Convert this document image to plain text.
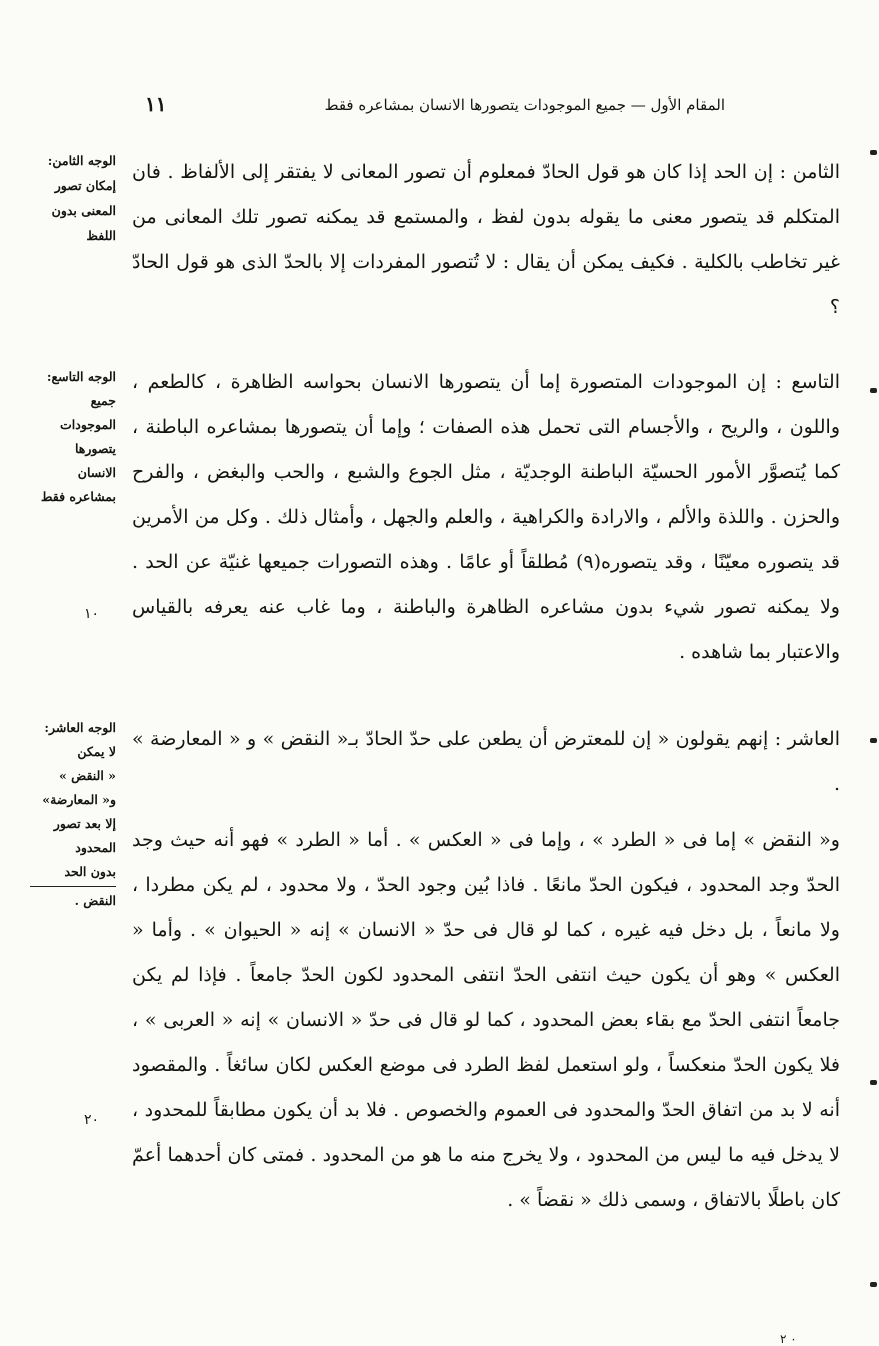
المقام الأول — جميع الموجودات يتصورها الانسان بمشاعره فقط
١١
الثامن : إن الحد إذا كان هو قول الحادّ فمعلوم أن تصور المعانى لا يفتقر إلى الألفاظ . فان المتكلم قد يتصور معنى ما يقوله بدون لفظ ، والمستمع قد يمكنه تصور تلك المعانى من غير تخاطب بالكلية . فكيف يمكن أن يقال : لا تُتصور المفردات إلا بالحدّ الذى هو قول الحادّ ؟
التاسع : إن الموجودات المتصورة إما أن يتصورها الانسان بحواسه الظاهرة ، كالطعم ، واللون ، والريح ، والأجسام التى تحمل هذه الصفات ؛ وإما أن يتصورها بمشاعره الباطنة ، كما يُتصوَّر الأمور الحسيّة الباطنة الوجديّة ، مثل الجوع والشبع ، والحب والبغض ، والفرح والحزن . واللذة والألم ، والارادة والكراهية ، والعلم والجهل ، وأمثال ذلك . وكل من الأمرين قد يتصوره معيّنًا ، وقد يتصوره(٩) مُطلقاً أو عامًا . وهذه التصورات جميعها غنيّة عن الحد . ولا يمكنه تصور شيء بدون مشاعره الظاهرة والباطنة ، وما غاب عنه يعرفه بالقياس والاعتبار بما شاهده .
العاشر : إنهم يقولون « إن للمعترض أن يطعن على حدّ الحادّ بـ« النقض » و « المعارضة » .
و« النقض » إما فى « الطرد » ، وإما فى « العكس » . أما « الطرد » فهو أنه حيث وجد الحدّ وجد المحدود ، فيكون الحدّ مانعًا . فاذا بُين وجود الحدّ ، ولا محدود ، لم يكن مطردا ، ولا مانعاً ، بل دخل فيه غيره ، كما لو قال فى حدّ « الانسان » إنه « الحيوان » . وأما « العكس » وهو أن يكون حيث انتفى الحدّ انتفى المحدود لكون الحدّ جامعاً . فإذا لم يكن جامعاً انتفى الحدّ مع بقاء بعض المحدود ، كما لو قال فى حدّ « الانسان » إنه « العربى » ، فلا يكون الحدّ منعكساً ، ولو استعمل لفظ الطرد فى موضع العكس لكان سائغاً . والمقصود أنه لا بد من اتفاق الحدّ والمحدود فى العموم والخصوص . فلا بد أن يكون مطابقاً للمحدود ، لا يدخل فيه ما ليس من المحدود ، ولا يخرج منه ما هو من المحدود . فمتى كان أحدهما أعمّ كان باطلًا بالاتفاق ، وسمى ذلك « نقضاً » .
الوجه الثامن:
إمكان تصور
المعنى بدون
اللفظ
الوجه التاسع:
جميع
الموجودات
يتصورها
الانسان
بمشاعره فقط
الوجه العاشر:
لا يمكن
« النقض »
و« المعارضة»
إلا بعد تصور
المحدود
بدون الحد
النقض .
١٠
٢٠
٠ ٢
